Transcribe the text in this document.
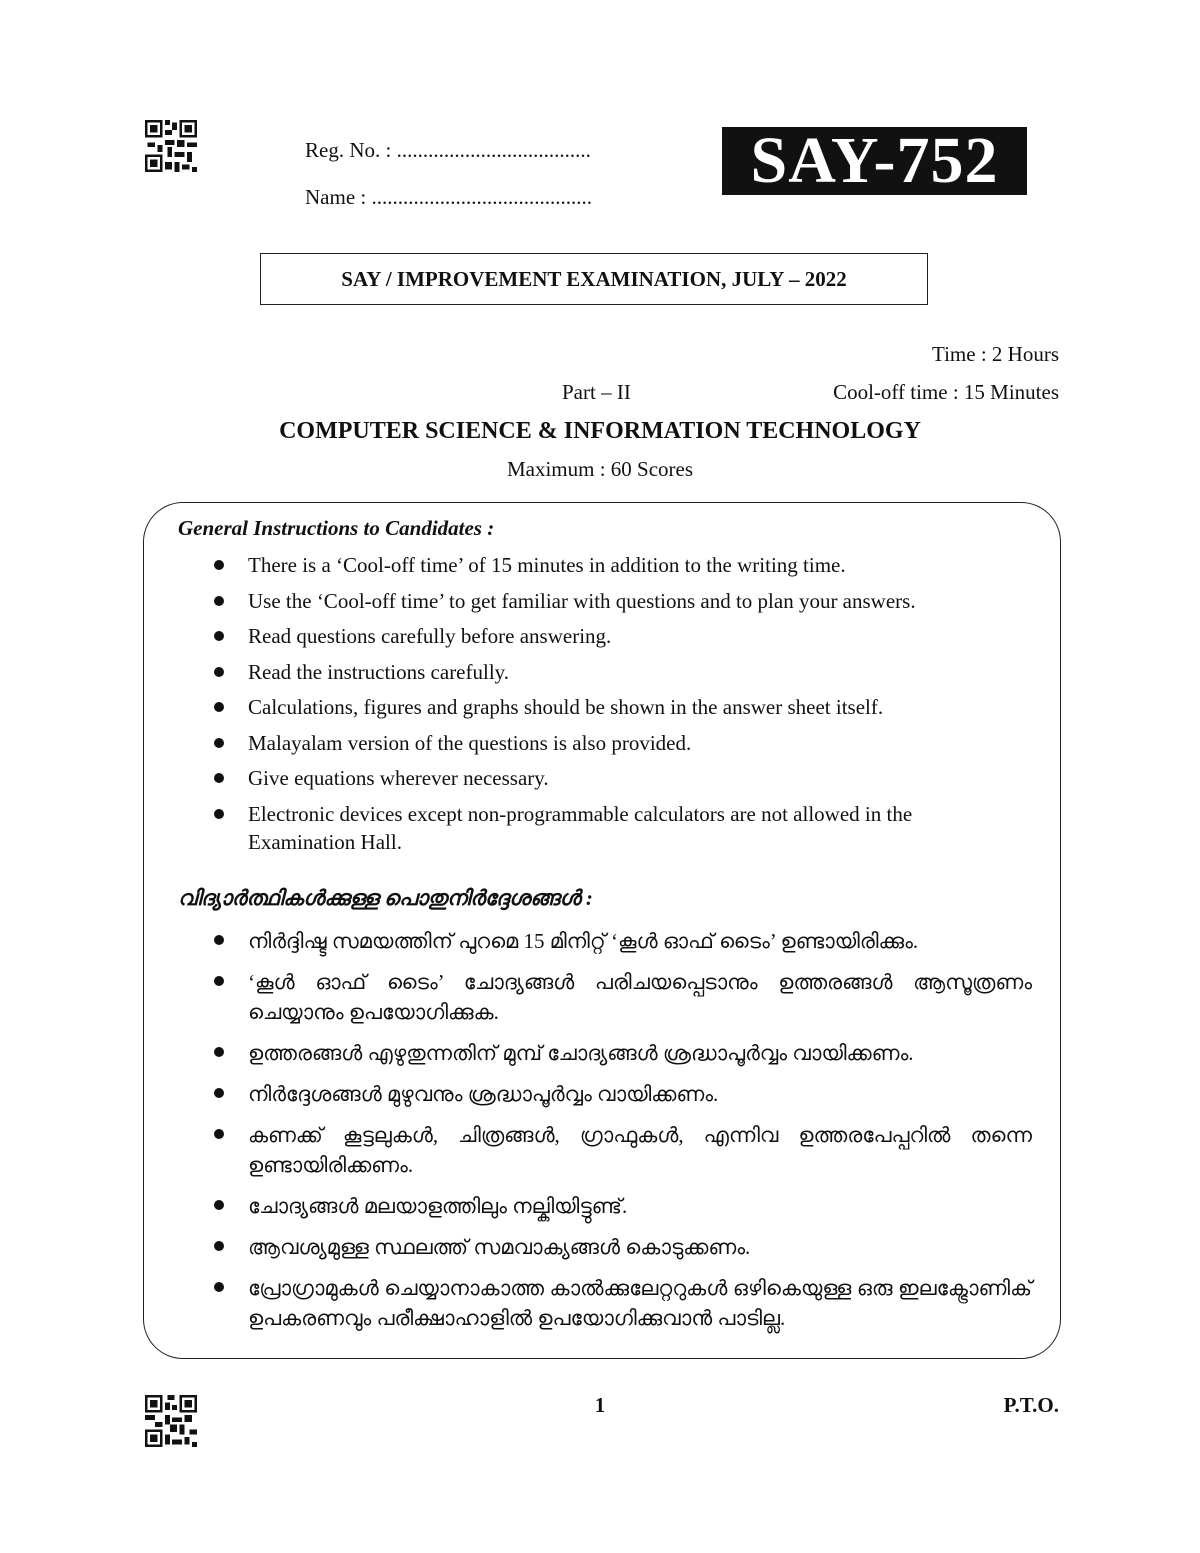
Reg. No. : .....................................
Name : ..........................................	SAY-752
SAY / IMPROVEMENT EXAMINATION, JULY – 2022
Time : 2 Hours
Part – II	Cool-off time : 15 Minutes
COMPUTER SCIENCE & INFORMATION TECHNOLOGY
Maximum : 60 Scores
General Instructions to Candidates :
There is a ‘Cool-off time’ of 15 minutes in addition to the writing time.
Use the ‘Cool-off time’ to get familiar with questions and to plan your answers.
Read questions carefully before answering.
Read the instructions carefully.
Calculations, figures and graphs should be shown in the answer sheet itself.
Malayalam version of the questions is also provided.
Give equations wherever necessary.
Electronic devices except non-programmable calculators are not allowed in the Examination Hall.
വിദ്യാർത്ഥികൾക്കുള്ള പൊതുനിർദ്ദേശങ്ങൾ :
നിർദ്ദിഷ്ട സമയത്തിന് പുറമെ 15 മിനിറ്റ് ‘കൂൾ ഓഫ് ടൈം’ ഉണ്ടായിരിക്കും.
‘കൂൾ ഓഫ് ടൈം’ ചോദ്യങ്ങൾ പരിചയപ്പെടാനും ഉത്തരങ്ങൾ ആസൂത്രണം ചെയ്യാനും ഉപയോഗിക്കുക.
ഉത്തരങ്ങൾ എഴുതുന്നതിന് മുമ്പ് ചോദ്യങ്ങൾ ശ്രദ്ധാപൂർവ്വം വായിക്കണം.
നിർദ്ദേശങ്ങൾ മുഴുവനും ശ്രദ്ധാപൂർവ്വം വായിക്കണം.
കണക്ക് കൂട്ടലുകൾ, ചിത്രങ്ങൾ, ഗ്രാഫുകൾ, എന്നിവ ഉത്തരപേപ്പറിൽ തന്നെ ഉണ്ടായിരിക്കണം.
ചോദ്യങ്ങൾ മലയാളത്തിലും നല്കിയിട്ടുണ്ട്.
ആവശ്യമുള്ള സ്ഥലത്ത് സമവാക്യങ്ങൾ കൊടുക്കണം.
പ്രോഗ്രാമുകൾ ചെയ്യാനാകാത്ത കാൽക്കുലേറ്ററുകൾ ഒഴികെയുള്ള ഒരു ഇലക്ട്രോണിക് ഉപകരണവും പരീക്ഷാഹാളിൽ ഉപയോഗിക്കുവാൻ പാടില്ല.
1	P.T.O.
